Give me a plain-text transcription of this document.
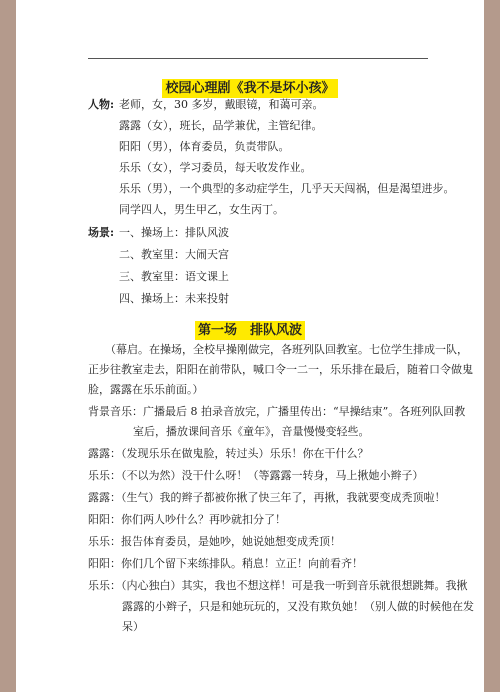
校园心理剧《我不是坏小孩》
人物: 老师，女，30 多岁，戴眼镜，和蔼可亲。
露露（女），班长，品学兼优，主管纪律。
阳阳（男），体育委员，负责带队。
乐乐（女），学习委员，每天收发作业。
乐乐（男），一个典型的多动症学生，几乎天天闯祸，但是渴望进步。
同学四人，男生甲乙，女生丙丁。
场景: 一、操场上：排队风波
二、教室里：大闹天宫
三、教室里：语文课上
四、操场上：未来投射
第一场　排队风波
（幕启。在操场，全校早操刚做完，各班列队回教室。七位学生排成一队，
正步往教室走去，阳阳在前带队，喊口令一二一，乐乐排在最后，随着口令做鬼
脸，露露在乐乐前面。）
背景音乐：广播最后 8 拍录音放完，广播里传出：“早操结束”。各班列队回教
室后，播放课间音乐《童年》，音量慢慢变轻些。
露露：（发现乐乐在做鬼脸，转过头）乐乐！你在干什么？
乐乐：（不以为然）没干什么呀！（等露露一转身，马上揪她小辫子）
露露：（生气）我的辫子都被你揪了快三年了，再揪，我就要变成秃顶啦！
阳阳：你们两人吵什么？再吵就扣分了！
乐乐：报告体育委员，是她吵，她说她想变成秃顶！
阳阳：你们几个留下来练排队。稍息！立正！向前看齐！
乐乐：（内心独白）其实，我也不想这样！可是我一听到音乐就很想跳舞。我揪
露露的小辫子，只是和她玩玩的，又没有欺负她！（别人做的时候他在发
呆）
